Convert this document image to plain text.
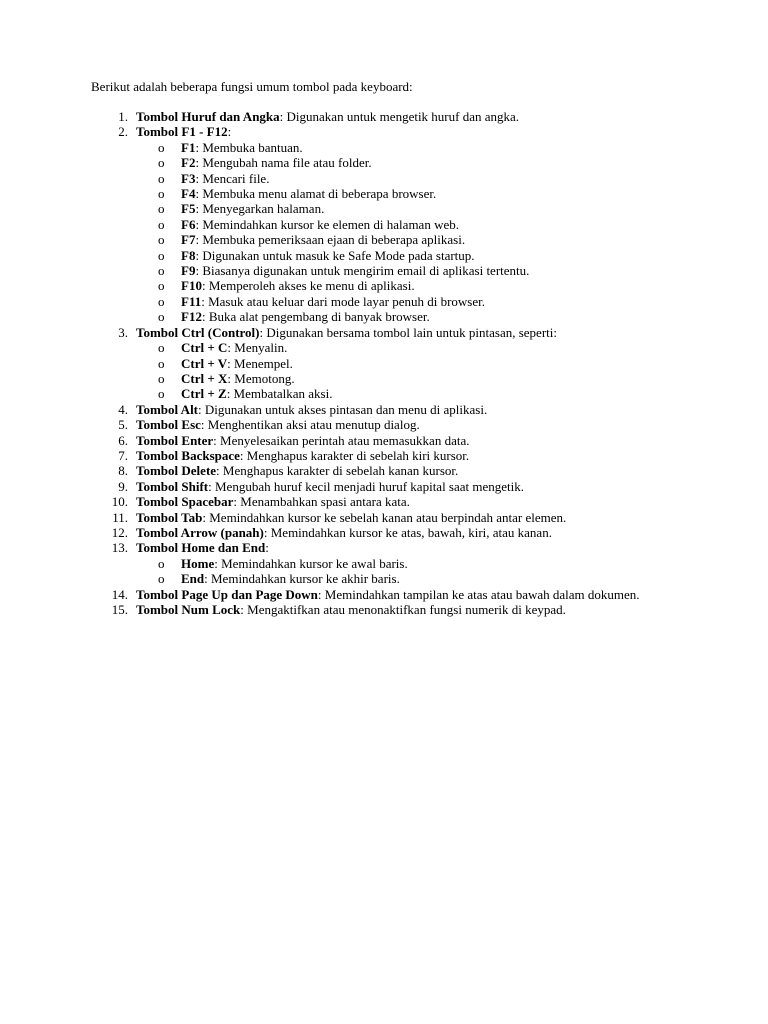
Berikut adalah beberapa fungsi umum tombol pada keyboard:
1. Tombol Huruf dan Angka: Digunakan untuk mengetik huruf dan angka.
2. Tombol F1 - F12:
o F1: Membuka bantuan.
o F2: Mengubah nama file atau folder.
o F3: Mencari file.
o F4: Membuka menu alamat di beberapa browser.
o F5: Menyegarkan halaman.
o F6: Memindahkan kursor ke elemen di halaman web.
o F7: Membuka pemeriksaan ejaan di beberapa aplikasi.
o F8: Digunakan untuk masuk ke Safe Mode pada startup.
o F9: Biasanya digunakan untuk mengirim email di aplikasi tertentu.
o F10: Memperoleh akses ke menu di aplikasi.
o F11: Masuk atau keluar dari mode layar penuh di browser.
o F12: Buka alat pengembang di banyak browser.
3. Tombol Ctrl (Control): Digunakan bersama tombol lain untuk pintasan, seperti:
o Ctrl + C: Menyalin.
o Ctrl + V: Menempel.
o Ctrl + X: Memotong.
o Ctrl + Z: Membatalkan aksi.
4. Tombol Alt: Digunakan untuk akses pintasan dan menu di aplikasi.
5. Tombol Esc: Menghentikan aksi atau menutup dialog.
6. Tombol Enter: Menyelesaikan perintah atau memasukkan data.
7. Tombol Backspace: Menghapus karakter di sebelah kiri kursor.
8. Tombol Delete: Menghapus karakter di sebelah kanan kursor.
9. Tombol Shift: Mengubah huruf kecil menjadi huruf kapital saat mengetik.
10. Tombol Spacebar: Menambahkan spasi antara kata.
11. Tombol Tab: Memindahkan kursor ke sebelah kanan atau berpindah antar elemen.
12. Tombol Arrow (panah): Memindahkan kursor ke atas, bawah, kiri, atau kanan.
13. Tombol Home dan End:
o Home: Memindahkan kursor ke awal baris.
o End: Memindahkan kursor ke akhir baris.
14. Tombol Page Up dan Page Down: Memindahkan tampilan ke atas atau bawah dalam dokumen.
15. Tombol Num Lock: Mengaktifkan atau menonaktifkan fungsi numerik di keypad.
